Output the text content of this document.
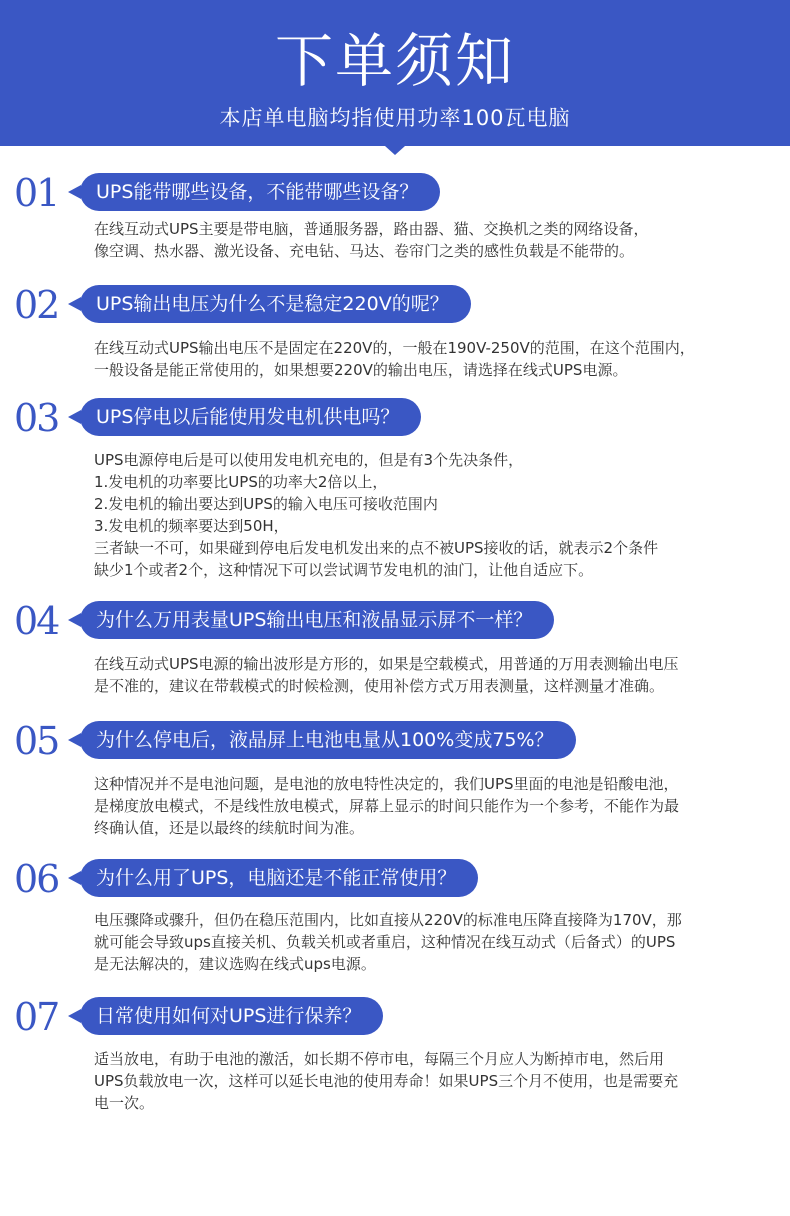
下单须知
本店单电脑均指使用功率100瓦电脑
01	UPS能带哪些设备，不能带哪些设备？
在线互动式UPS主要是带电脑，普通服务器，路由器、猫、交换机之类的网络设备，
像空调、热水器、激光设备、充电钻、马达、卷帘门之类的感性负载是不能带的。
02	UPS输出电压为什么不是稳定220V的呢？
在线互动式UPS输出电压不是固定在220V的，一般在190V-250V的范围，在这个范围内，
一般设备是能正常使用的，如果想要220V的输出电压，请选择在线式UPS电源。
03	UPS停电以后能使用发电机供电吗？
UPS电源停电后是可以使用发电机充电的，但是有3个先决条件，
1.发电机的功率要比UPS的功率大2倍以上，
2.发电机的输出要达到UPS的输入电压可接收范围内
3.发电机的频率要达到50H，
三者缺一不可，如果碰到停电后发电机发出来的点不被UPS接收的话，就表示2个条件
缺少1个或者2个，这种情况下可以尝试调节发电机的油门，让他自适应下。
04	为什么万用表量UPS输出电压和液晶显示屏不一样？
在线互动式UPS电源的输出波形是方形的，如果是空载模式，用普通的万用表测输出电压
是不准的，建议在带载模式的时候检测，使用补偿方式万用表测量，这样测量才准确。
05	为什么停电后，液晶屏上电池电量从100%变成75%？
这种情况并不是电池问题，是电池的放电特性决定的，我们UPS里面的电池是铅酸电池，
是梯度放电模式，不是线性放电模式，屏幕上显示的时间只能作为一个参考，不能作为最
终确认值，还是以最终的续航时间为准。
06	为什么用了UPS，电脑还是不能正常使用？
电压骤降或骤升，但仍在稳压范围内，比如直接从220V的标准电压降直接降为170V，那
就可能会导致ups直接关机、负载关机或者重启，这种情况在线互动式（后备式）的UPS
是无法解决的，建议选购在线式ups电源。
07	日常使用如何对UPS进行保养？
适当放电，有助于电池的激活，如长期不停市电，每隔三个月应人为断掉市电，然后用
UPS负载放电一次，这样可以延长电池的使用寿命！如果UPS三个月不使用，也是需要充
电一次。
